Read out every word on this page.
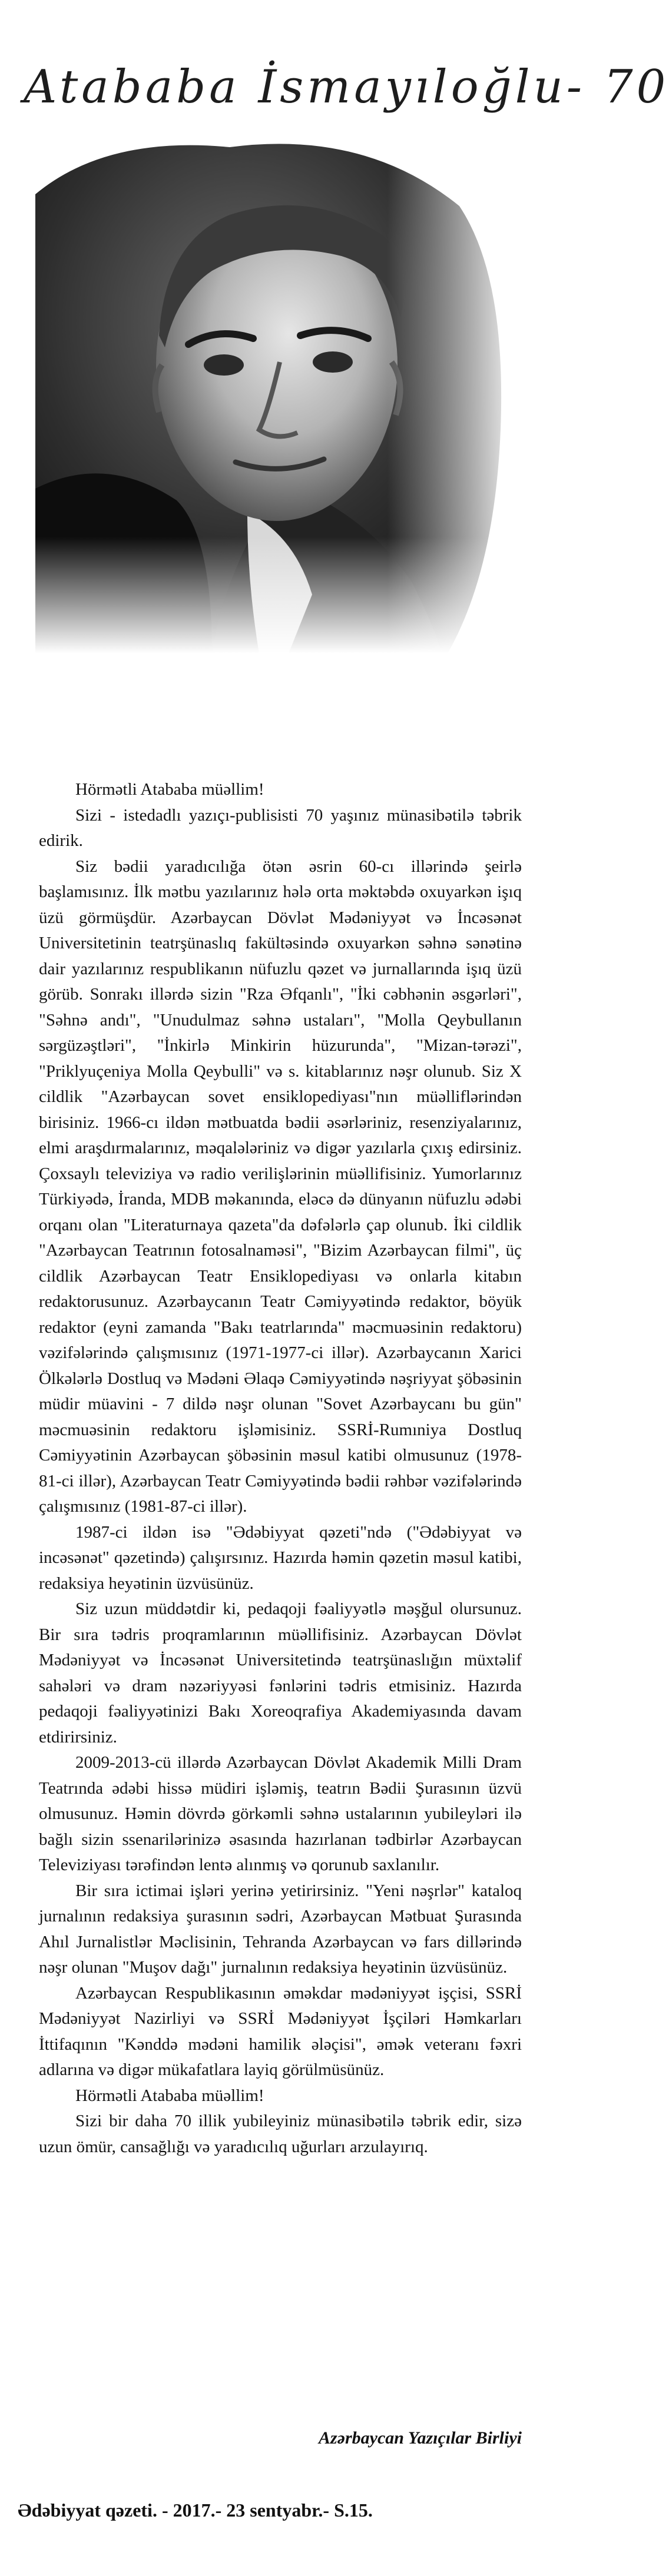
Atababa İsmayıloğlu- 70

Hörmətli Atababa müəllim!

Sizi - istedadlı yazıçı-publisisti 70 yaşınız münasibətilə təbrik edirik.

Siz bədii yaradıcılığa ötən əsrin 60-cı illərində şeirlə başlamısınız. İlk mətbu yazılarınız hələ orta məktəbdə oxuyarkən işıq üzü görmüşdür. Azərbaycan Dövlət Mədəniyyət və İncəsənət Universitetinin teatrşünaslıq fakültəsində oxuyarkən səhnə sənətinə dair yazılarınız respublikanın nüfuzlu qəzet və jurnallarında işıq üzü görüb. Sonrakı illərdə sizin "Rza Əfqanlı", "İki cəbhənin əsgərləri", "Səhnə andı", "Unudulmaz səhnə ustaları", "Molla Qeybullanın sərgüzəştləri", "İnkirlə Minkirin hüzurunda", "Mizan-tərəzi", "Priklyuçeniya Molla Qeybulli" və s. kitablarınız nəşr olunub. Siz X cildlik "Azərbaycan sovet ensiklopediyası"nın müəlliflərindən birisiniz. 1966-cı ildən mətbuatda bədii əsərləriniz, resenziyalarınız, elmi araşdırmalarınız, məqalələriniz və digər yazılarla çıxış edirsiniz. Çoxsaylı televiziya və radio verilişlərinin müəllifisiniz. Yumorlarınız Türkiyədə, İranda, MDB məkanında, eləcə də dünyanın nüfuzlu ədəbi orqanı olan "Literaturnaya qazeta"da dəfələrlə çap olunub. İki cildlik "Azərbaycan Teatrının fotosalnaməsi", "Bizim Azərbaycan filmi", üç cildlik Azərbaycan Teatr Ensiklopediyası və onlarla kitabın redaktorusunuz. Azərbaycanın Teatr Cəmiyyətində redaktor, böyük redaktor (eyni zamanda "Bakı teatrlarında" məcmuəsinin redaktoru) vəzifələrində çalışmısınız (1971-1977-ci illər). Azərbaycanın Xarici Ölkələrlə Dostluq və Mədəni Əlaqə Cəmiyyətində nəşriyyat şöbəsinin müdir müavini - 7 dildə nəşr olunan "Sovet Azərbaycanı bu gün" məcmuəsinin redaktoru işləmisiniz. SSRİ-Rumıniya Dostluq Cəmiyyətinin Azərbaycan şöbəsinin məsul katibi olmusunuz (1978-81-ci illər), Azərbaycan Teatr Cəmiyyətində bədii rəhbər vəzifələrində çalışmısınız (1981-87-ci illər).

1987-ci ildən isə "Ədəbiyyat qəzeti"ndə ("Ədəbiyyat və incəsənət" qəzetində) çalışırsınız. Hazırda həmin qəzetin məsul katibi, redaksiya heyətinin üzvüsünüz.

Siz uzun müddətdir ki, pedaqoji fəaliyyətlə məşğul olursunuz. Bir sıra tədris proqramlarının müəllifisiniz. Azərbaycan Dövlət Mədəniyyət və İncəsənət Universitetində teatrşünaslığın müxtəlif sahələri və dram nəzəriyyəsi fənlərini tədris etmisiniz. Hazırda pedaqoji fəaliyyətinizi Bakı Xoreoqrafiya Akademiyasında davam etdirirsiniz.

2009-2013-cü illərdə Azərbaycan Dövlət Akademik Milli Dram Teatrında ədəbi hissə müdiri işləmiş, teatrın Bədii Şurasının üzvü olmusunuz. Həmin dövrdə görkəmli səhnə ustalarının yubileyləri ilə bağlı sizin ssenarilərinizə əsasında hazırlanan tədbirlər Azərbaycan Televiziyası tərəfindən lentə alınmış və qorunub saxlanılır.

Bir sıra ictimai işləri yerinə yetirirsiniz. "Yeni nəşrlər" kataloq jurnalının redaksiya şurasının sədri, Azərbaycan Mətbuat Şurasında Ahıl Jurnalistlər Məclisinin, Tehranda Azərbaycan və fars dillərində nəşr olunan "Muşov dağı" jurnalının redaksiya heyətinin üzvüsünüz.

Azərbaycan Respublikasının əməkdar mədəniyyət işçisi, SSRİ Mədəniyyət Nazirliyi və SSRİ Mədəniyyət İşçiləri Həmkarları İttifaqının "Kənddə mədəni hamilik ələçisi", əmək veteranı fəxri adlarına və digər mükafatlara layiq görülmüsünüz.

Hörmətli Atababa müəllim!

Sizi bir daha 70 illik yubileyiniz münasibətilə təbrik edir, sizə uzun ömür, cansağlığı və yaradıcılıq uğurları arzulayırıq.

Azərbaycan Yazıçılar Birliyi
Ədəbiyyat qəzeti. - 2017.- 23 sentyabr.- S.15.
